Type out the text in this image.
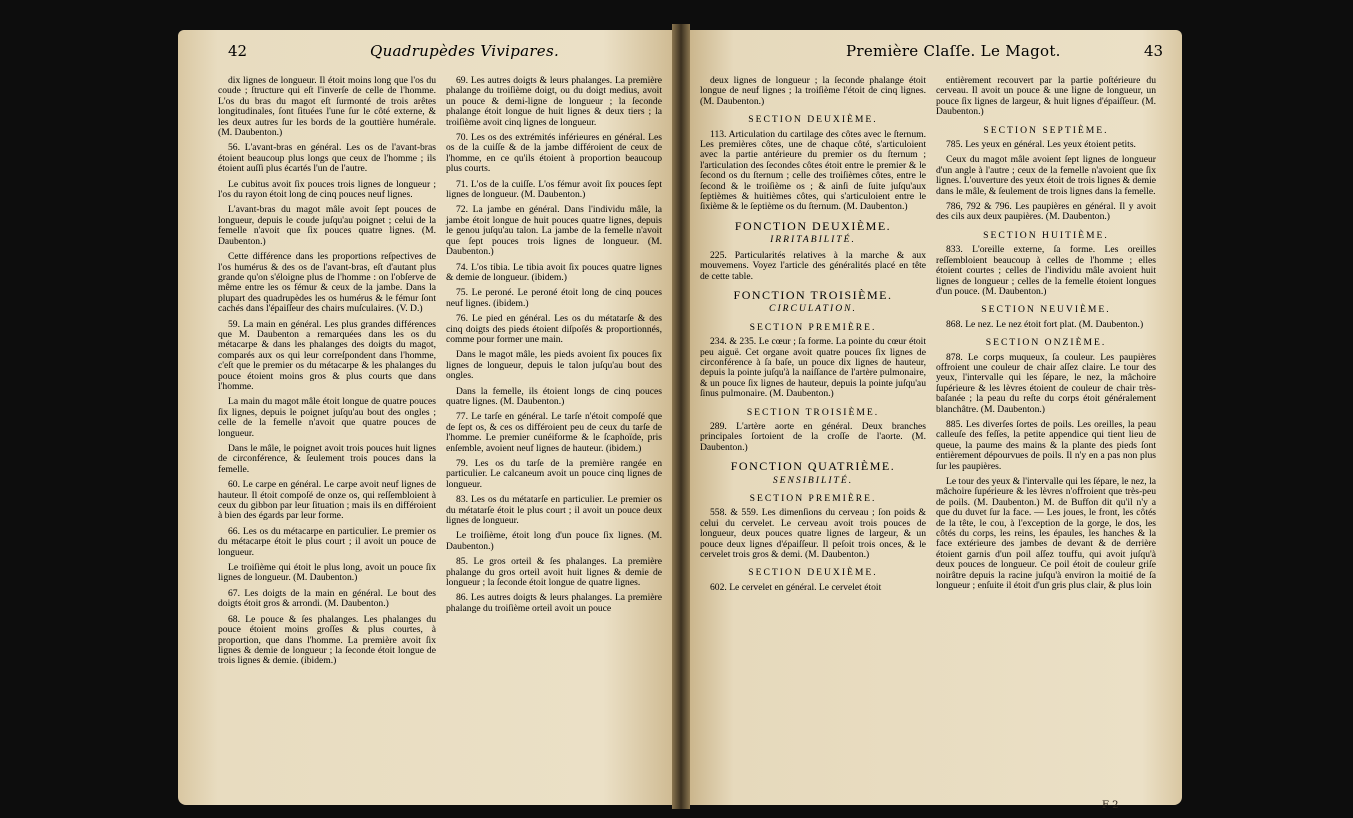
42	Quadrupèdes Vivipares.	43
Première Claſſe. Le Magot.

dix lignes de longueur. Il étoit moins long que l'os du coude ; ſtructure qui eſt l'inverſe de celle de l'homme. L'os du bras du magot eſt ſurmonté de trois arêtes longitudinales, ſont ſituées l'une ſur le côté externe, & les deux autres ſur les bords de la gouttière humérale. (M. Daubenton.)

56. L'avant-bras en général. Les os de l'avant-bras étoient beaucoup plus longs que ceux de l'homme ; ils étoient auſſi plus écartés l'un de l'autre.

Le cubitus avoit ſix pouces trois lignes de longueur ; l'os du rayon étoit long de cinq pouces neuf lignes.

L'avant-bras du magot mâle avoit ſept pouces de longueur, depuis le coude juſqu'au poignet ; celui de la femelle n'avoit que ſix pouces quatre lignes. (M. Daubenton.)

Cette différence dans les proportions reſpectives de l'os humérus & des os de l'avant-bras, eſt d'autant plus grande qu'on s'éloigne plus de l'homme : on l'obſerve de même entre les os fémur & ceux de la jambe. Dans la plupart des quadrupèdes les os humérus & le fémur ſont cachés dans l'épaiſſeur des chairs muſculaires. (V. D.)

59. La main en général. Les plus grandes différences que M. Daubenton a remarquées dans les os du métacarpe & dans les phalanges des doigts du magot, comparés aux os qui leur correſpondent dans l'homme, c'eſt que le premier os du métacarpe & les phalanges du pouce étoient moins gros & plus courts que dans l'homme.

La main du magot mâle étoit longue de quatre pouces ſix lignes, depuis le poignet juſqu'au bout des ongles ; celle de la femelle n'avoit que quatre pouces de longueur.

Dans le mâle, le poignet avoit trois pouces huit lignes de circonférence, & ſeulement trois pouces dans la femelle.

60. Le carpe en général. Le carpe avoit neuf lignes de hauteur. Il étoit compoſé de onze os, qui reſſembloient à ceux du gibbon par leur ſituation ; mais ils en différoient à bien des égards par leur forme.

66. Les os du métacarpe en particulier. Le premier os du métacarpe étoit le plus court ; il avoit un pouce de longueur.

Le troiſième qui étoit le plus long, avoit un pouce ſix lignes de longueur. (M. Daubenton.)

67. Les doigts de la main en général. Le bout des doigts étoit gros & arrondi. (M. Daubenton.)

68. Le pouce & ſes phalanges. Les phalanges du pouce étoient moins groſſes & plus courtes, à proportion, que dans l'homme. La première avoit ſix lignes & demie de longueur ; la ſeconde étoit longue de trois lignes & demie. (ibidem.)

69. Les autres doigts & leurs phalanges. La première phalange du troiſième doigt, ou du doigt medius, avoit un pouce & demi-ligne de longueur ; la ſeconde phalange étoit longue de huit lignes & deux tiers ; la troiſième avoit cinq lignes de longueur.

70. Les os des extrémités inférieures en général. Les os de la cuiſſe & de la jambe différoient de ceux de l'homme, en ce qu'ils étoient à proportion beaucoup plus courts.

71. L'os de la cuiſſe. L'os fémur avoit ſix pouces ſept lignes de longueur. (M. Daubenton.)

72. La jambe en général. Dans l'individu mâle, la jambe étoit longue de huit pouces quatre lignes, depuis le genou juſqu'au talon. La jambe de la femelle n'avoit que ſept pouces trois lignes de longueur. (M. Daubenton.)

74. L'os tibia. Le tibia avoit ſix pouces quatre lignes & demie de longueur. (ibidem.)

75. Le peroné. Le peroné étoit long de cinq pouces neuf lignes. (ibidem.)

76. Le pied en général. Les os du métatarſe & des cinq doigts des pieds étoient diſpoſés & proportionnés, comme pour former une main.

Dans le magot mâle, les pieds avoient ſix pouces ſix lignes de longueur, depuis le talon juſqu'au bout des ongles.

Dans la femelle, ils étoient longs de cinq pouces quatre lignes. (M. Daubenton.)

77. Le tarſe en général. Le tarſe n'étoit compoſé que de ſept os, & ces os différoient peu de ceux du tarſe de l'homme. Le premier cunéiforme & le ſcaphoïde, pris enſemble, avoient neuf lignes de hauteur. (ibidem.)

79. Les os du tarſe de la première rangée en particulier. Le calcaneum avoit un pouce cinq lignes de longueur.

83. Les os du métatarſe en particulier. Le premier os du métatarſe étoit le plus court ; il avoit un pouce deux lignes de longueur.

Le troiſième, étoit long d'un pouce ſix lignes. (M. Daubenton.)

85. Le gros orteil & ſes phalanges. La première phalange du gros orteil avoit huit lignes & demie de longueur ; la ſeconde étoit longue de quatre lignes.

86. Les autres doigts & leurs phalanges. La première phalange du troiſième orteil avoit un pouce

deux lignes de longueur ; la ſeconde phalange étoit longue de neuf lignes ; la troiſième l'étoit de cinq lignes. (M. Daubenton.)

SECTION DEUXIÈME.

113. Articulation du cartilage des côtes avec le ſternum. Les premières côtes, une de chaque côté, s'articuloient avec la partie antérieure du premier os du ſternum ; l'articulation des ſecondes côtes étoit entre le premier & le ſecond os du ſternum ; celle des troiſièmes côtes, entre le ſecond & le troiſième os ; & ainſi de ſuite juſqu'aux ſeptièmes & huitièmes côtes, qui s'articuloient entre le ſixième & le ſeptième os du ſternum. (M. Daubenton.)

FONCTION DEUXIÈME.
IRRITABILITÉ.

225. Particularités relatives à la marche & aux mouvemens. Voyez l'article des généralités placé en tête de cette table.

FONCTION TROISIÈME.
CIRCULATION.
SECTION PREMIÈRE.

234. & 235. Le cœur ; ſa forme. La pointe du cœur étoit peu aiguë. Cet organe avoit quatre pouces ſix lignes de circonférence à ſa baſe, un pouce dix lignes de hauteur, depuis la pointe juſqu'à la naiſſance de l'artère pulmonaire, & un pouce ſix lignes de hauteur, depuis la pointe juſqu'au ſinus pulmonaire. (M. Daubenton.)

SECTION TROISIÈME.

289. L'artère aorte en général. Deux branches principales ſortoient de la croſſe de l'aorte. (M. Daubenton.)

FONCTION QUATRIÈME.
SENSIBILITÉ.
SECTION PREMIÈRE.

558. & 559. Les dimenſions du cerveau ; ſon poids & celui du cervelet. Le cerveau avoit trois pouces de longueur, deux pouces quatre lignes de largeur, & un pouce deux lignes d'épaiſſeur. Il peſoit trois onces, & le cervelet trois gros & demi. (M. Daubenton.)

SECTION DEUXIÈME.

602. Le cervelet en général. Le cervelet étoit

entièrement recouvert par la partie poſtérieure du cerveau. Il avoit un pouce & une ligne de longueur, un pouce ſix lignes de largeur, & huit lignes d'épaiſſeur. (M. Daubenton.)

SECTION SEPTIÈME.

785. Les yeux en général. Les yeux étoient petits.

Ceux du magot mâle avoient ſept lignes de longueur d'un angle à l'autre ; ceux de la femelle n'avoient que ſix lignes. L'ouverture des yeux étoit de trois lignes & demie dans le mâle, & ſeulement de trois lignes dans la femelle.

786, 792 & 796. Les paupières en général. Il y avoit des cils aux deux paupières. (M. Daubenton.)

SECTION HUITIÈME.

833. L'oreille externe, ſa forme. Les oreilles reſſembloient beaucoup à celles de l'homme ; elles étoient courtes ; celles de l'individu mâle avoient huit lignes de longueur ; celles de la femelle étoient longues d'un pouce. (M. Daubenton.)

SECTION NEUVIÈME.

868. Le nez. Le nez étoit fort plat. (M. Daubenton.)

SECTION ONZIÈME.

878. Le corps muqueux, ſa couleur. Les paupières offroient une couleur de chair aſſez claire. Le tour des yeux, l'intervalle qui les ſépare, le nez, la mâchoire ſupérieure & les lèvres étoient de couleur de chair très-baſanée ; la peau du reſte du corps étoit généralement blanchâtre. (M. Daubenton.)

885. Les diverſes ſortes de poils. Les oreilles, la peau calleuſe des feſſes, la petite appendice qui tient lieu de queue, la paume des mains & la plante des pieds ſont entièrement dépourvues de poils. Il n'y en a pas non plus ſur les paupières.

Le tour des yeux & l'intervalle qui les ſépare, le nez, la mâchoire ſupérieure & les lèvres n'offroient que très-peu de poils. (M. Daubenton.) M. de Buffon dit qu'il n'y a que du duvet ſur la face. — Les joues, le front, les côtés de la tête, le cou, à l'exception de la gorge, le dos, les côtés du corps, les reins, les épaules, les hanches & la face extérieure des jambes de devant & de derrière étoient garnis d'un poil aſſez touffu, qui avoit juſqu'à deux pouces de longueur. Ce poil étoit de couleur griſe noirâtre depuis la racine juſqu'à environ la moitié de ſa longueur ; enſuite il étoit d'un gris plus clair, & plus loin

F 2
